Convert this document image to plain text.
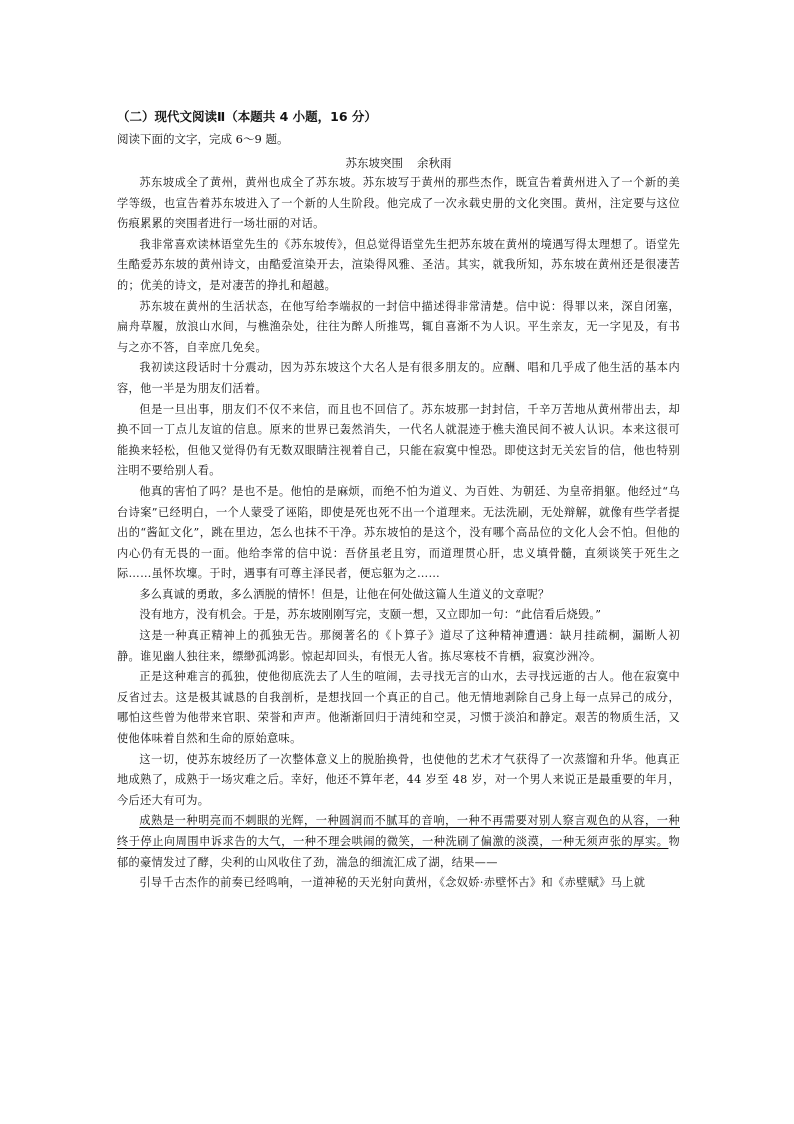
（二）现代文阅读Ⅱ（本题共 4 小题，16 分）
阅读下面的文字，完成 6～9 题。
苏东坡突围 余秋雨

苏东坡成全了黄州，黄州也成全了苏东坡。苏东坡写于黄州的那些杰作，既宣告着黄州进入了一个新的美学等级，也宣告着苏东坡进入了一个新的人生阶段。他完成了一次永载史册的文化突围。黄州，注定要与这位伤痕累累的突围者进行一场壮丽的对话。

我非常喜欢读林语堂先生的《苏东坡传》，但总觉得语堂先生把苏东坡在黄州的境遇写得太理想了。语堂先生酷爱苏东坡的黄州诗文，由酷爱渲染开去，渲染得风雅、圣洁。其实，就我所知，苏东坡在黄州还是很凄苦的；优美的诗文，是对凄苦的挣扎和超越。

苏东坡在黄州的生活状态，在他写给李端叔的一封信中描述得非常清楚。信中说：得罪以来，深自闭塞，扁舟草履，放浪山水间，与樵渔杂处，往往为醉人所推骂，辄自喜渐不为人识。平生亲友，无一字见及，有书与之亦不答，自幸庶几免矣。

我初读这段话时十分震动，因为苏东坡这个大名人是有很多朋友的。应酬、唱和几乎成了他生活的基本内容，他一半是为朋友们活着。

但是一旦出事，朋友们不仅不来信，而且也不回信了。苏东坡那一封封信，千辛万苦地从黄州带出去，却换不回一丁点儿友谊的信息。原来的世界已轰然消失，一代名人就混迹于樵夫渔民间不被人认识。本来这很可能换来轻松，但他又觉得仍有无数双眼睛注视着自己，只能在寂寞中惶恐。即使这封无关宏旨的信，他也特别注明不要给别人看。

他真的害怕了吗？是也不是。他怕的是麻烦，而绝不怕为道义、为百姓、为朝廷、为皇帝捐躯。他经过“乌台诗案”已经明白，一个人蒙受了诬陷，即使是死也死不出一个道理来。无法洗刷，无处辩解，就像有些学者提出的“酱缸文化”，跳在里边，怎么也抹不干净。苏东坡怕的是这个，没有哪个高品位的文化人会不怕。但他的内心仍有无畏的一面。他给李常的信中说：吾侪虽老且穷，而道理贯心肝，忠义填骨髓，直须谈笑于死生之际……虽怀坎壈。于时，遇事有可尊主泽民者，便忘躯为之……

多么真诚的勇敢，多么洒脱的情怀！但是，让他在何处做这篇人生道义的文章呢？

没有地方，没有机会。于是，苏东坡刚刚写完，支颐一想，又立即加一句：“此信看后烧毁。”

这是一种真正精神上的孤独无告。那阕著名的《卜算子》道尽了这种精神遭遇：缺月挂疏桐，漏断人初静。谁见幽人独往来，缥缈孤鸿影。惊起却回头，有恨无人省。拣尽寒枝不肯栖，寂寞沙洲冷。

正是这种难言的孤独，使他彻底洗去了人生的喧闹，去寻找无言的山水，去寻找远逝的古人。他在寂寞中反省过去。这是极其诚恳的自我剖析，是想找回一个真正的自己。他无情地剥除自己身上每一点异己的成分，哪怕这些曾为他带来官职、荣誉和声声。他渐渐回归于清纯和空灵，习惯于淡泊和静定。艰苦的物质生活，又使他体味着自然和生命的原始意味。

这一切，使苏东坡经历了一次整体意义上的脱胎换骨，也使他的艺术才气获得了一次蒸馏和升华。他真正地成熟了，成熟于一场灾难之后。幸好，他还不算年老，44 岁至 48 岁，对一个男人来说正是最重要的年月，今后还大有可为。

成熟是一种明亮而不刺眼的光辉，一种圆润而不腻耳的音响，一种不再需要对别人察言观色的从容，一种终于停止向周围申诉求告的大气，一种不理会哄闹的微笑，一种洗刷了偏激的淡漠，一种无须声张的厚实。物郁的豪情发过了酵，尖利的山风收住了劲，湍急的细流汇成了湖，结果——

引导千古杰作的前奏已经鸣响，一道神秘的天光射向黄州，《念奴娇·赤壁怀古》和《赤壁赋》马上就
